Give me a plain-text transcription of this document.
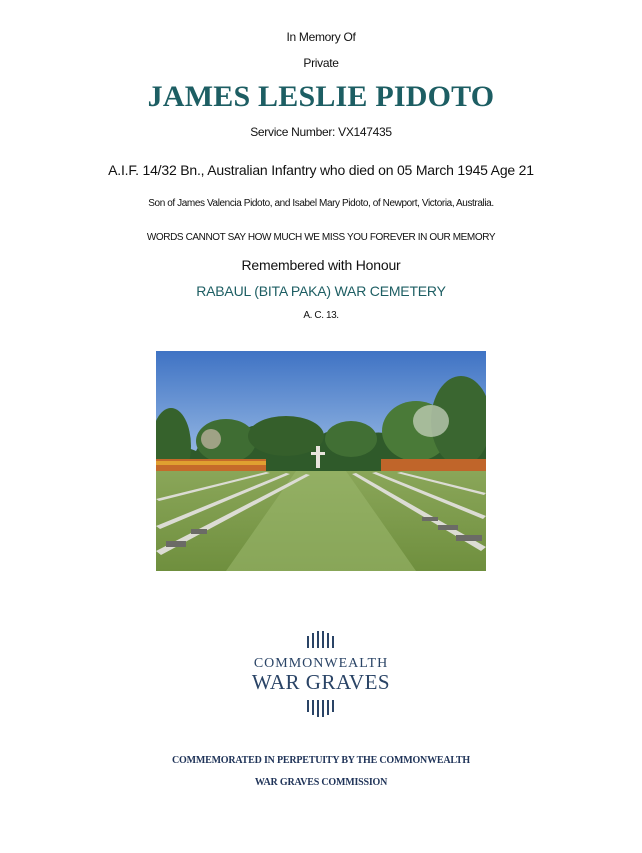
In Memory Of
Private
JAMES LESLIE PIDOTO
Service Number: VX147435
A.I.F. 14/32 Bn., Australian Infantry who died on 05 March 1945 Age 21
Son of James Valencia Pidoto, and Isabel Mary Pidoto, of Newport, Victoria, Australia.
WORDS CANNOT SAY HOW MUCH WE MISS YOU FOREVER IN OUR MEMORY
Remembered with Honour
RABAUL (BITA PAKA) WAR CEMETERY
A. C. 13.
COMMONWEALTH
WAR GRAVES
COMMEMORATED IN PERPETUITY BY THE COMMONWEALTH
WAR GRAVES COMMISSION
